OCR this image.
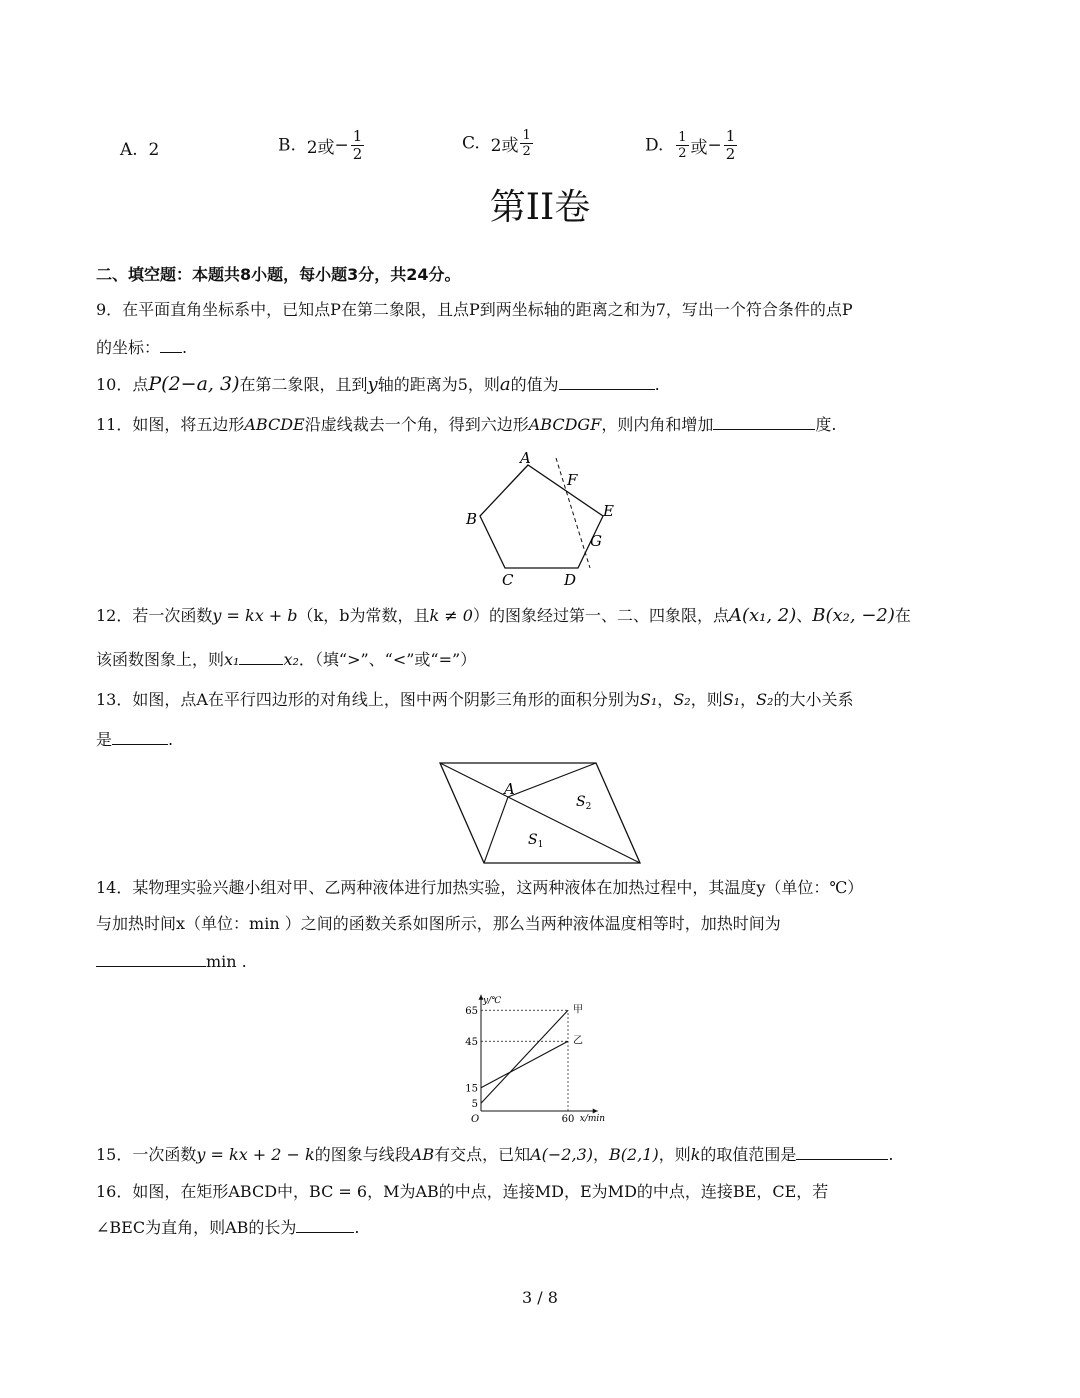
A. 2	B. 2或− $\frac{1}{2}$	C. 2或 $\frac{1}{2}$	D. $\frac{1}{2}$ 或− $\frac{1}{2}$
第II卷
二、填空题：本题共8小题，每小题3分，共24分。
9．在平面直角坐标系中，已知点P在第二象限，且点P到两坐标轴的距离之和为7，写出一个符合条件的点P
的坐标： .
10．点P(2−a, 3)在第二象限，且到y轴的距离为5，则a的值为	.
11．如图，将五边形ABCDE沿虚线裁去一个角，得到六边形ABCDGF，则内角和增加	度.
A
B
C	D
E
F
G
12．若一次函数y = kx + b（k，b为常数，且k ≠ 0）的图象经过第一、二、四象限，点A(x₁, 2)、B(x₂, −2)在
该函数图象上，则x₁	x₂．（填“>”、“<”或“=”）
13．如图，点A在平行四边形的对角线上，图中两个阴影三角形的面积分别为S₁，S₂，则S₁，S₂的大小关系
是	.
A
$S_2$
$S_1$
14．某物理实验兴趣小组对甲、乙两种液体进行加热实验，这两种液体在加热过程中，其温度y（单位：℃）
与加热时间x（单位：min ）之间的函数关系如图所示，那么当两种液体温度相等时，加热时间为
min .
y/℃
x/min
O
5
15
45
65
60
甲
乙
15．一次函数y = kx + 2 − k的图象与线段AB有交点，已知A(−2,3)，B(2,1)，则k的取值范围是	.
16．如图，在矩形ABCD中，BC = 6，M为AB的中点，连接MD，E为MD的中点，连接BE，CE，若
∠BEC为直角，则AB的长为	.
3 / 8
